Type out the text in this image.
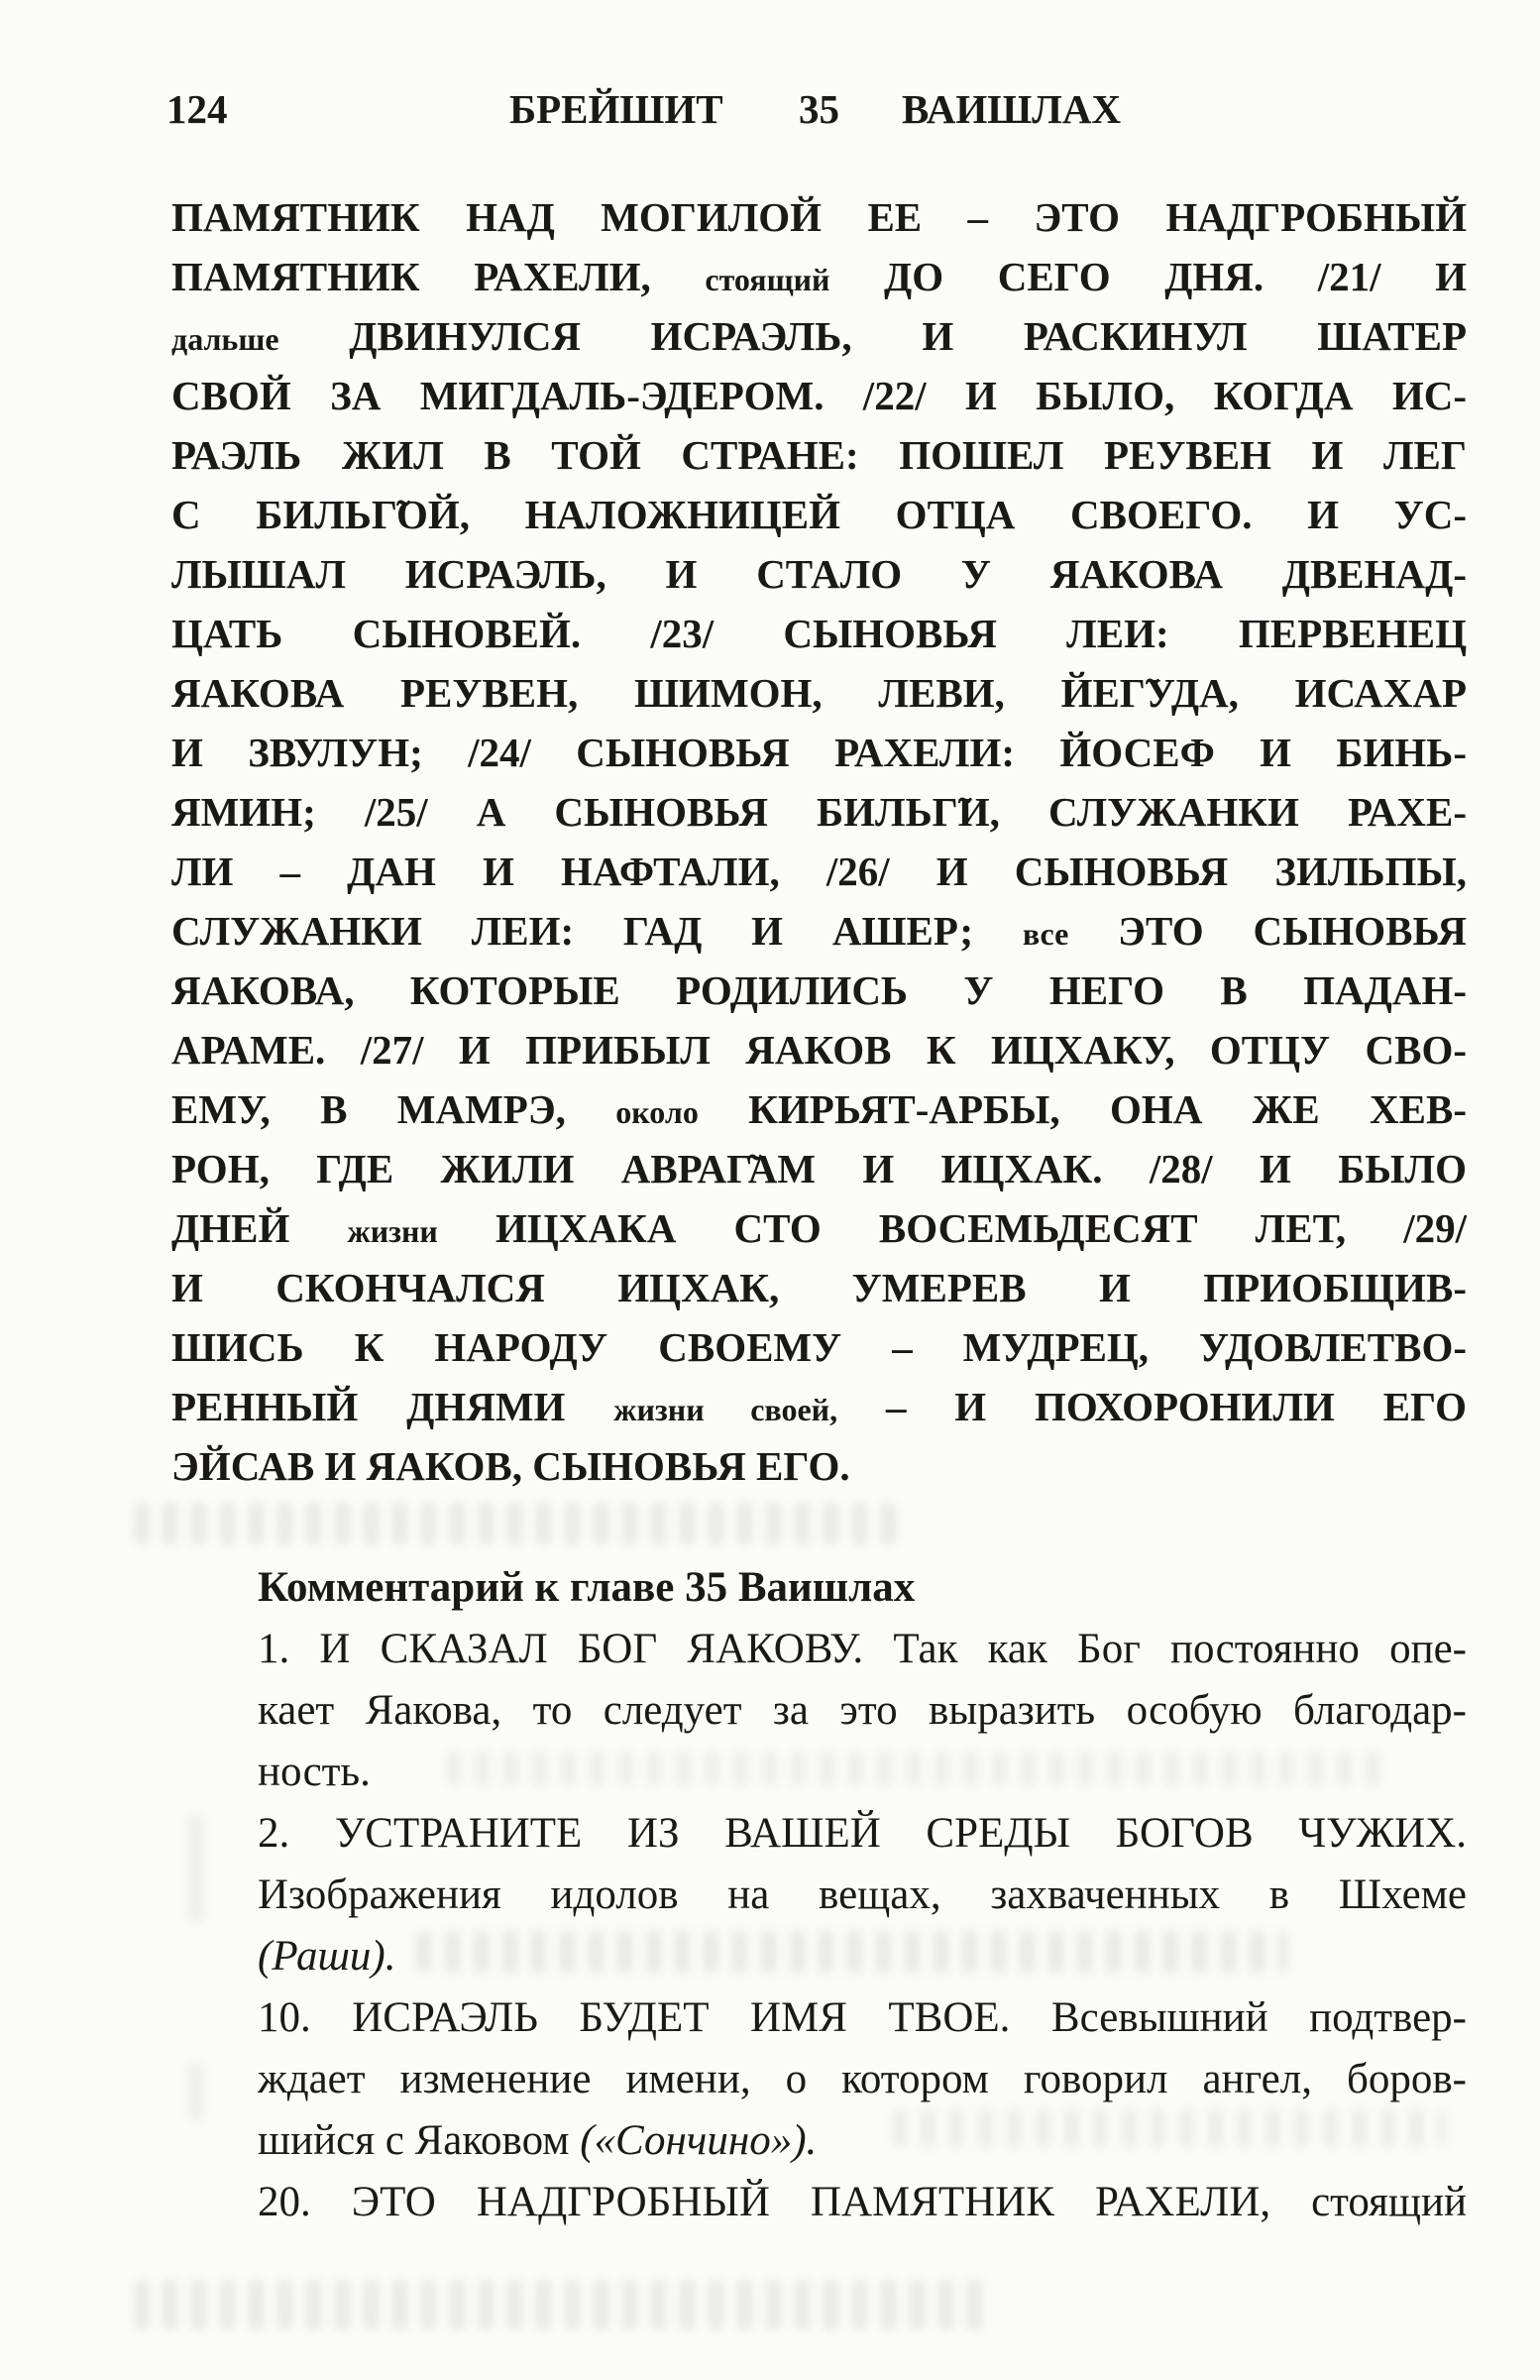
124	БРЕЙШИТ 35 ВАИШЛАХ
ПАМЯТНИК НАД МОГИЛОЙ ЕЕ – ЭТО НАДГРОБНЫЙ
ПАМЯТНИК РАХЕЛИ, стоящий ДО СЕГО ДНЯ. /21/ И
дальше ДВИНУЛСЯ ИСРАЭЛЬ, И РАСКИНУЛ ШАТЕР
СВОЙ ЗА МИГДАЛЬ-ЭДЕРОМ. /22/ И БЫЛО, КОГДА ИС-
РАЭЛЬ ЖИЛ В ТОЙ СТРАНЕ: ПОШЕЛ РЕУВЕН И ЛЕГ
С БИЛЬГ̃ОЙ, НАЛОЖНИЦЕЙ ОТЦА СВОЕГО. И УС-
ЛЫШАЛ ИСРАЭЛЬ, И СТАЛО У ЯАКОВА ДВЕНАД-
ЦАТЬ СЫНОВЕЙ. /23/ СЫНОВЬЯ ЛЕИ: ПЕРВЕНЕЦ
ЯАКОВА РЕУВЕН, ШИМОН, ЛЕВИ, ЙЕГ̃УДА, ИСАХАР
И ЗВУЛУН; /24/ СЫНОВЬЯ РАХЕЛИ: ЙОСЕФ И БИНЬ-
ЯМИН; /25/ А СЫНОВЬЯ БИЛЬГ̃И, СЛУЖАНКИ РАХЕ-
ЛИ – ДАН И НАФТАЛИ, /26/ И СЫНОВЬЯ ЗИЛЬПЫ,
СЛУЖАНКИ ЛЕИ: ГАД И АШЕР; все ЭТО СЫНОВЬЯ
ЯАКОВА, КОТОРЫЕ РОДИЛИСЬ У НЕГО В ПАДАН-
АРАМЕ. /27/ И ПРИБЫЛ ЯАКОВ К ИЦХАКУ, ОТЦУ СВО-
ЕМУ, В МАМРЭ, около КИРЬЯТ-АРБЫ, ОНА ЖЕ ХЕВ-
РОН, ГДЕ ЖИЛИ АВРАГ̃АМ И ИЦХАК. /28/ И БЫЛО
ДНЕЙ жизни ИЦХАКА СТО ВОСЕМЬДЕСЯТ ЛЕТ, /29/
И СКОНЧАЛСЯ ИЦХАК, УМЕРЕВ И ПРИОБЩИВ-
ШИСЬ К НАРОДУ СВОЕМУ – МУДРЕЦ, УДОВЛЕТВО-
РЕННЫЙ ДНЯМИ жизни своей, – И ПОХОРОНИЛИ ЕГО
ЭЙСАВ И ЯАКОВ, СЫНОВЬЯ ЕГО.
Комментарий к главе 35 Ваишлах
1. И СКАЗАЛ БОГ ЯАКОВУ. Так как Бог постоянно опе-
кает Яакова, то следует за это выразить особую благодар-
ность.
2. УСТРАНИТЕ ИЗ ВАШЕЙ СРЕДЫ БОГОВ ЧУЖИХ.
Изображения идолов на вещах, захваченных в Шхеме
(Раши).
10. ИСРАЭЛЬ БУДЕТ ИМЯ ТВОЕ. Всевышний подтвер-
ждает изменение имени, о котором говорил ангел, боров-
шийся с Яаковом («Сончино»).
20. ЭТО НАДГРОБНЫЙ ПАМЯТНИК РАХЕЛИ, стоящий
